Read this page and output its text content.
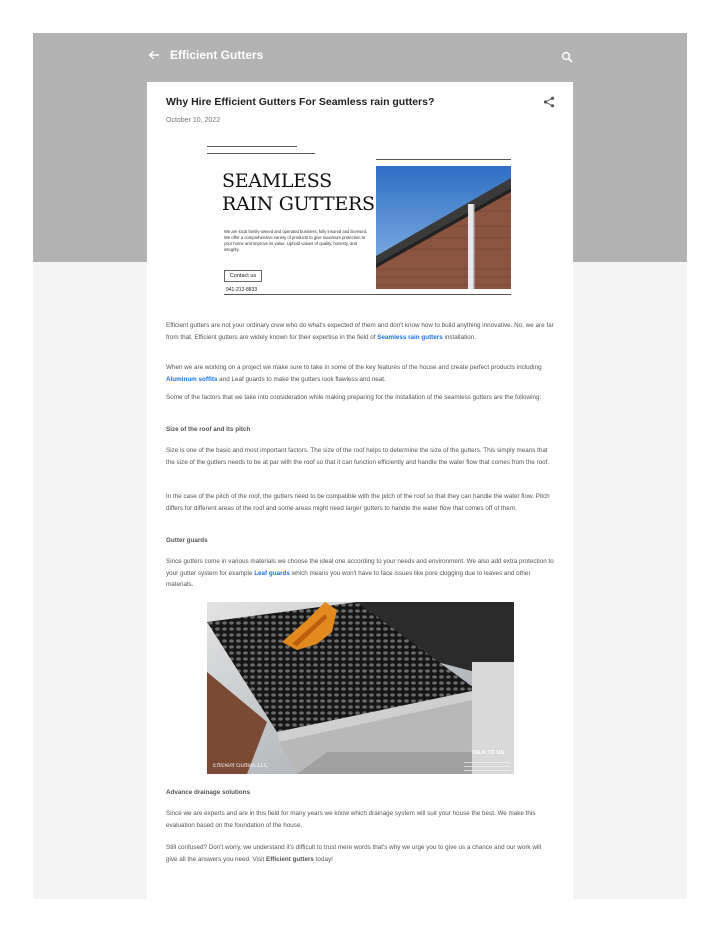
Efficient Gutters
Why Hire Efficient Gutters For Seamless rain gutters?
October 10, 2022
SEAMLESS
RAIN GUTTERS
We are local family-owned and operated business, fully insured and licensed. We offer a comprehensive variety of products to give maximum protection to your home and improve its value. Uphold values of quality, honesty, and integrity.
Contact us
941-212-8833

Efficient gutters are not your ordinary crew who do what's expected of them and don't know how to build anything innovative. No, we are far from that. Efficient gutters are widely known for their expertise in the field of Seamless rain gutters installation.

When we are working on a project we make sure to take in some of the key features of the house and create perfect products including Aluminum soffits and Leaf guards to make the gutters look flawless and neat.

Some of the factors that we take into consideration while making preparing for the installation of the seamless gutters are the following:

Size of the roof and its pitch

Size is one of the basic and most important factors. The size of the roof helps to determine the size of the gutters. This simply means that the size of the gutters needs to be at par with the roof so that it can function efficiently and handle the water flow that comes from the roof.

In the case of the pitch of the roof, the gutters need to be compatible with the pitch of the roof so that they can handle the water flow. Pitch differs for different areas of the roof and some areas might need larger gutters to handle the water flow that comes off of them.

Gutter guards

Since gutters come in various materials we choose the ideal one according to your needs and environment. We also add extra protection to your gutter system for example Leaf guards which means you won't have to face issues like pore clogging due to leaves and other materials.

Efficient Gutters LLC
TALK TO US

Advance drainage solutions

Since we are experts and are in this field for many years we know which drainage system will suit your house the best. We make this evaluation based on the foundation of the house.

Still confused? Don't worry, we understand it's difficult to trust mere words that's why we urge you to give us a chance and our work will give all the answers you need. Visit Efficient gutters today!
